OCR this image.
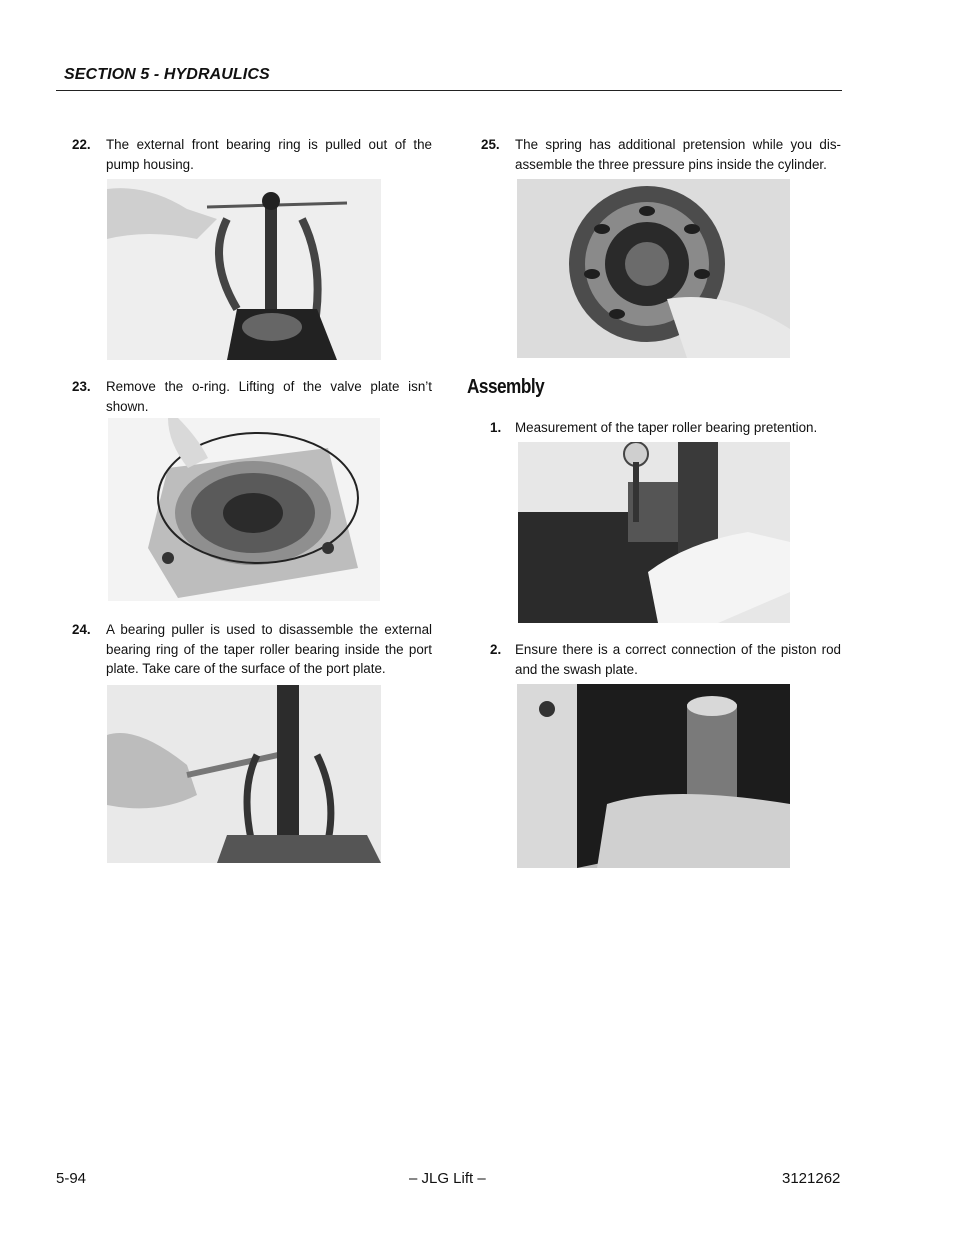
SECTION 5 - HYDRAULICS
22. The external front bearing ring is pulled out of the pump housing.
23. Remove the o-ring. Lifting of the valve plate isn’t shown.
24. A bearing puller is used to disassemble the external bearing ring of the taper roller bearing inside the port plate. Take care of the surface of the port plate.
25. The spring has additional pretension while you dis-assemble the three pressure pins inside the cylinder.
Assembly
1. Measurement of the taper roller bearing pretention.
2. Ensure there is a correct connection of the piston rod and the swash plate.
5-94	– JLG Lift –	3121262
